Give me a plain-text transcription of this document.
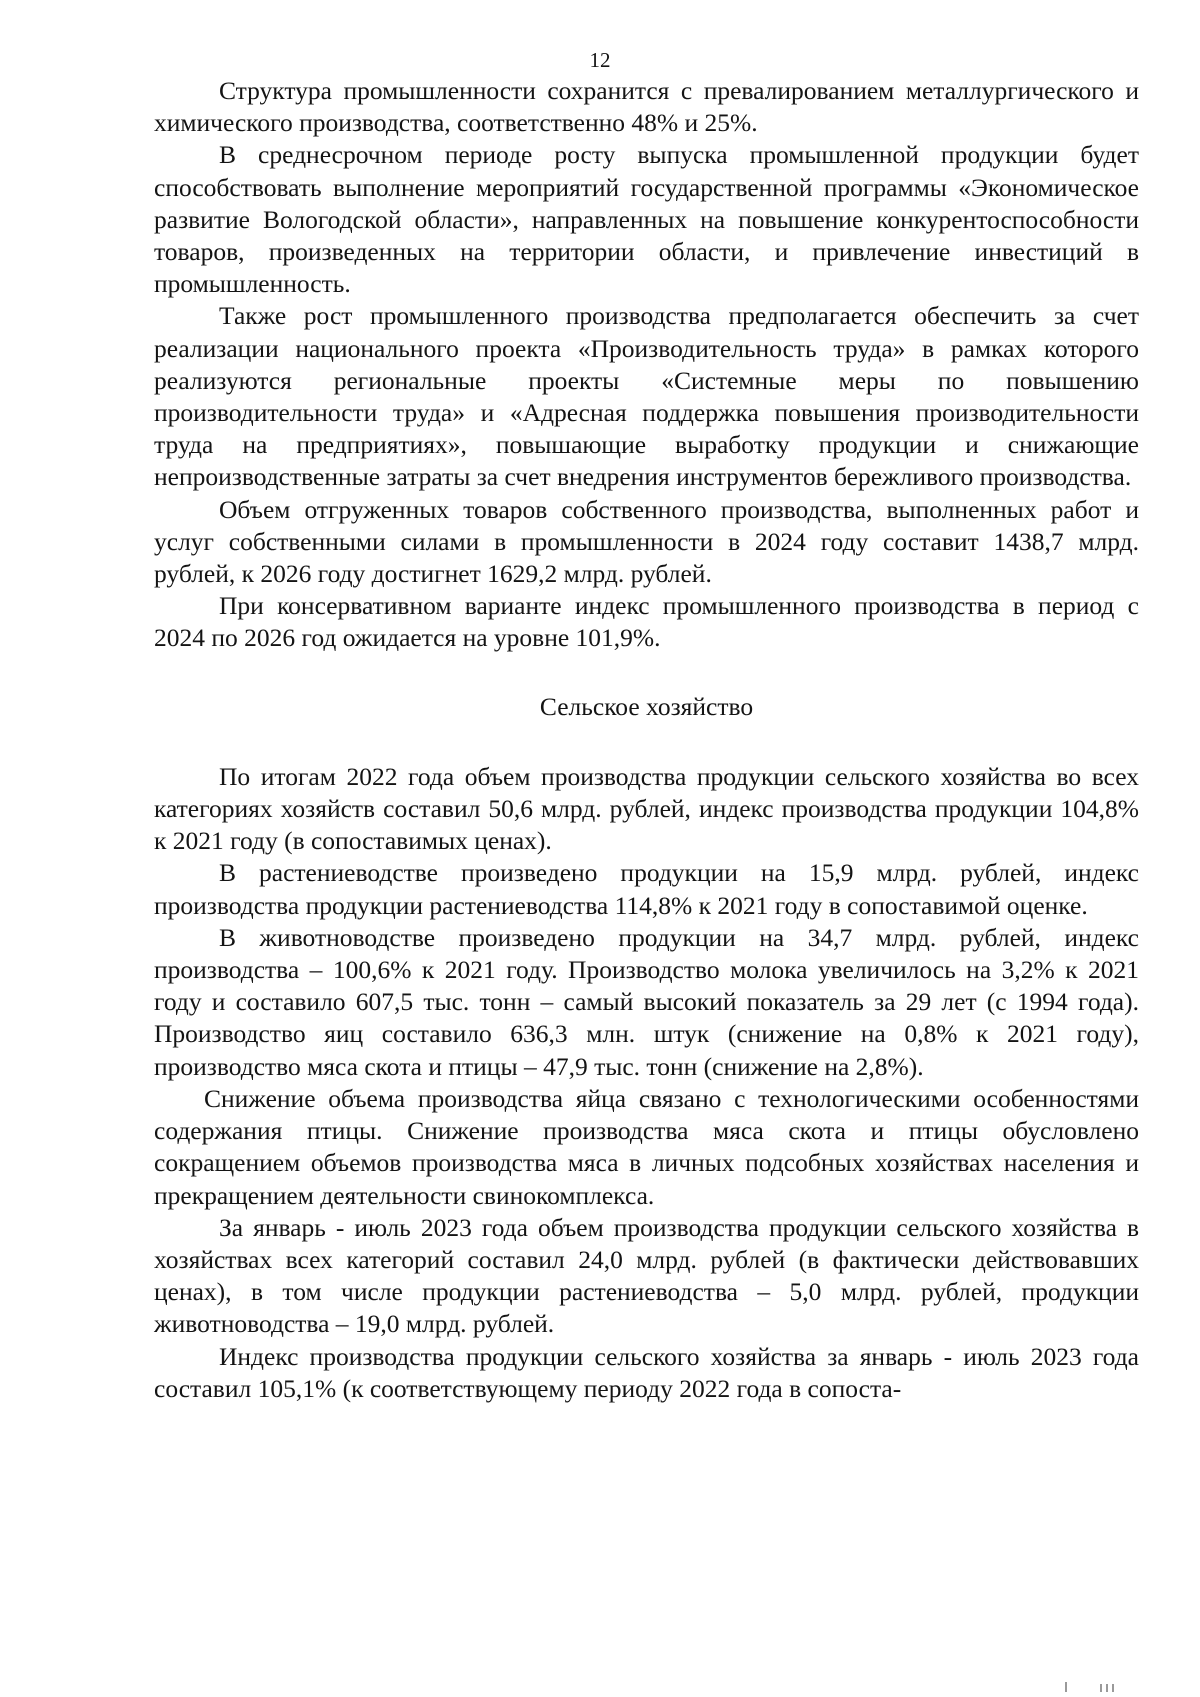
12

Структура промышленности сохранится с превалированием металлургического и химического производства, соответственно 48% и 25%.

В среднесрочном периоде росту выпуска промышленной продукции будет способствовать выполнение мероприятий государственной программы «Экономическое развитие Вологодской области», направленных на повышение конкурентоспособности товаров, произведенных на территории области, и привлечение инвестиций в промышленность.

Также рост промышленного производства предполагается обеспечить за счет реализации национального проекта «Производительность труда» в рамках которого реализуются региональные проекты «Системные меры по повышению производительности труда» и «Адресная поддержка повышения производительности труда на предприятиях», повышающие выработку продукции и снижающие непроизводственные затраты за счет внедрения инструментов бережливого производства.

Объем отгруженных товаров собственного производства, выполненных работ и услуг собственными силами в промышленности в 2024 году составит 1438,7 млрд. рублей, к 2026 году достигнет 1629,2 млрд. рублей.

При консервативном варианте индекс промышленного производства в период с 2024 по 2026 год ожидается на уровне 101,9%.

Сельское хозяйство

По итогам 2022 года объем производства продукции сельского хозяйства во всех категориях хозяйств составил 50,6 млрд. рублей, индекс производства продукции 104,8% к 2021 году (в сопоставимых ценах).

В растениеводстве произведено продукции на 15,9 млрд. рублей, индекс производства продукции растениеводства 114,8% к 2021 году в сопоставимой оценке.

В животноводстве произведено продукции на 34,7 млрд. рублей, индекс производства – 100,6% к 2021 году. Производство молока увеличилось на 3,2% к 2021 году и составило 607,5 тыс. тонн – самый высокий показатель за 29 лет (с 1994 года). Производство яиц составило 636,3 млн. штук (снижение на 0,8% к 2021 году), производство мяса скота и птицы – 47,9 тыс. тонн (снижение на 2,8%).

Снижение объема производства яйца связано с технологическими особенностями содержания птицы. Снижение производства мяса скота и птицы обусловлено сокращением объемов производства мяса в личных подсобных хозяйствах населения и прекращением деятельности свинокомплекса.

За январь - июль 2023 года объем производства продукции сельского хозяйства в хозяйствах всех категорий составил 24,0 млрд. рублей (в фактически действовавших ценах), в том числе продукции растениеводства – 5,0 млрд. рублей, продукции животноводства – 19,0 млрд. рублей.

Индекс производства продукции сельского хозяйства за январь - июль 2023 года составил 105,1% (к соответствующему периоду 2022 года в сопоста-
